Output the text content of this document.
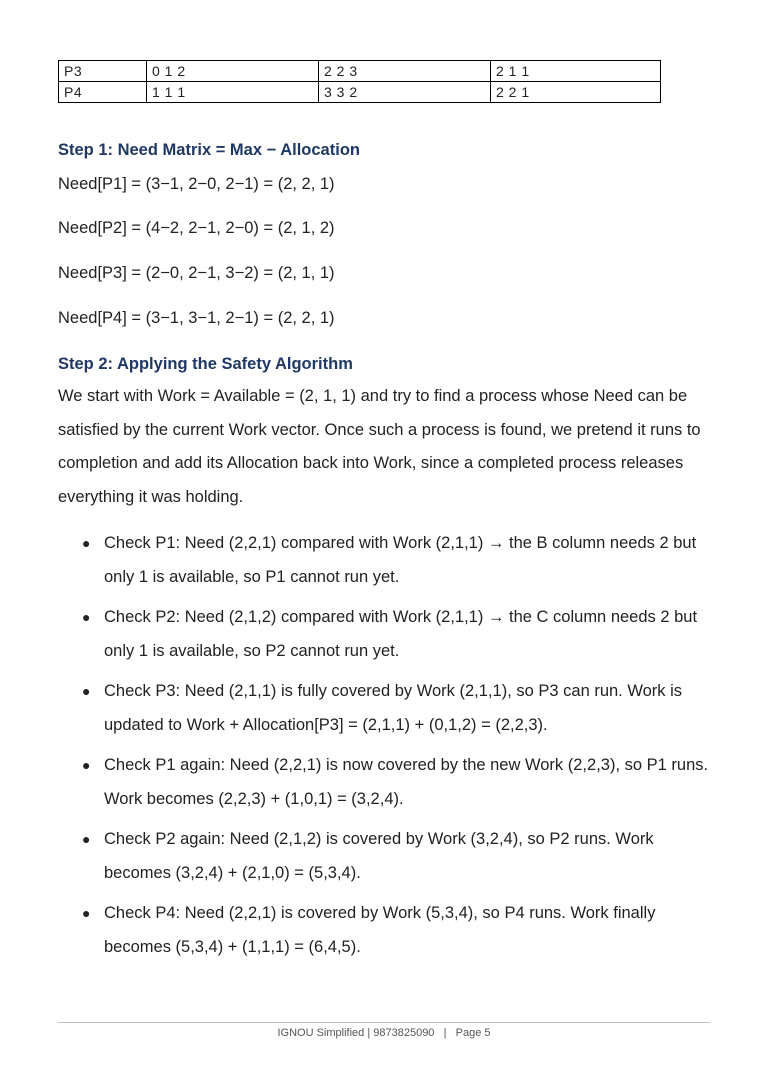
P3	0 1 2	2 2 3	2 1 1
P4	1 1 1	3 3 2	2 2 1
Step 1: Need Matrix = Max − Allocation

Need[P1] = (3−1, 2−0, 2−1) = (2, 2, 1)

Need[P2] = (4−2, 2−1, 2−0) = (2, 1, 2)

Need[P3] = (2−0, 2−1, 3−2) = (2, 1, 1)

Need[P4] = (3−1, 3−1, 2−1) = (2, 2, 1)

Step 2: Applying the Safety Algorithm

We start with Work = Available = (2, 1, 1) and try to find a process whose Need can be satisfied by the current Work vector. Once such a process is found, we pretend it runs to completion and add its Allocation back into Work, since a completed process releases everything it was holding.

● Check P1: Need (2,2,1) compared with Work (2,1,1) → the B column needs 2 but only 1 is available, so P1 cannot run yet.
● Check P2: Need (2,1,2) compared with Work (2,1,1) → the C column needs 2 but only 1 is available, so P2 cannot run yet.
● Check P3: Need (2,1,1) is fully covered by Work (2,1,1), so P3 can run. Work is updated to Work + Allocation[P3] = (2,1,1) + (0,1,2) = (2,2,3).
● Check P1 again: Need (2,2,1) is now covered by the new Work (2,2,3), so P1 runs. Work becomes (2,2,3) + (1,0,1) = (3,2,4).
● Check P2 again: Need (2,1,2) is covered by Work (3,2,4), so P2 runs. Work becomes (3,2,4) + (2,1,0) = (5,3,4).
● Check P4: Need (2,2,1) is covered by Work (5,3,4), so P4 runs. Work finally becomes (5,3,4) + (1,1,1) = (6,4,5).
IGNOU Simplified | 9873825090   |   Page 5
